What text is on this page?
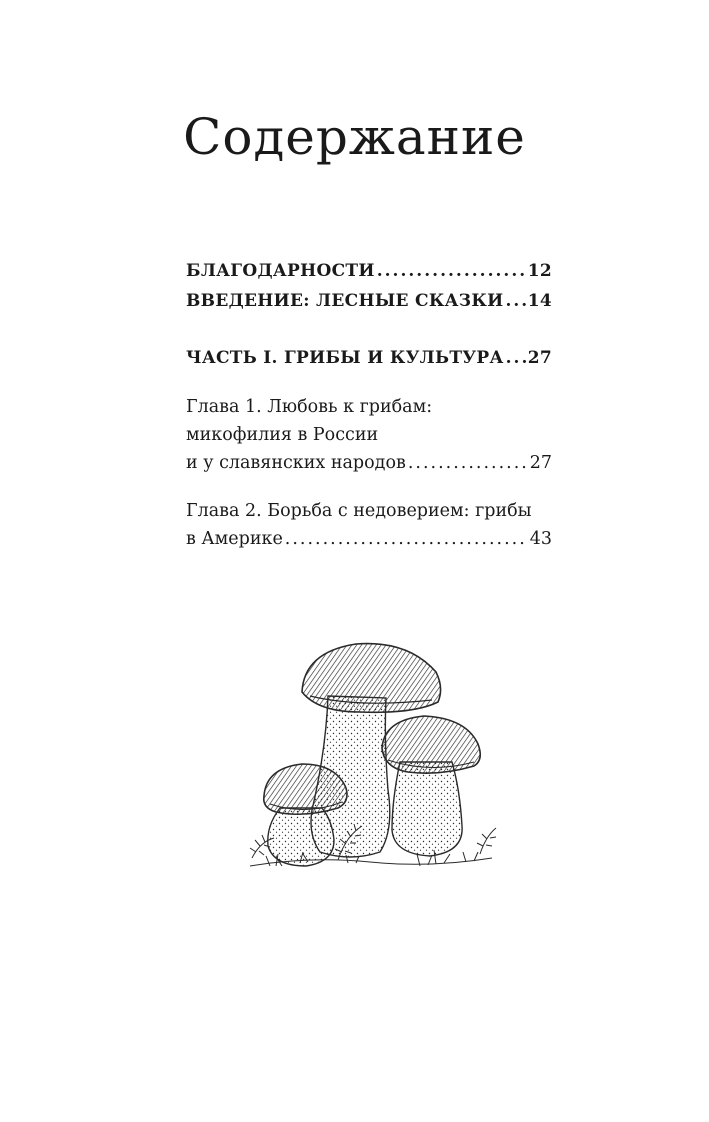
Содержание
БЛАГОДАРНОСТИ .....	12
ВВЕДЕНИЕ: ЛЕСНЫЕ СКАЗКИ ..... 14
ЧАСТЬ I. ГРИБЫ И КУЛЬТУРА ..... 27
Глава 1. Любовь к грибам:
микофилия в России
и у славянских народов .....	27
Глава 2. Борьба с недоверием: грибы
в Америке .....	43
